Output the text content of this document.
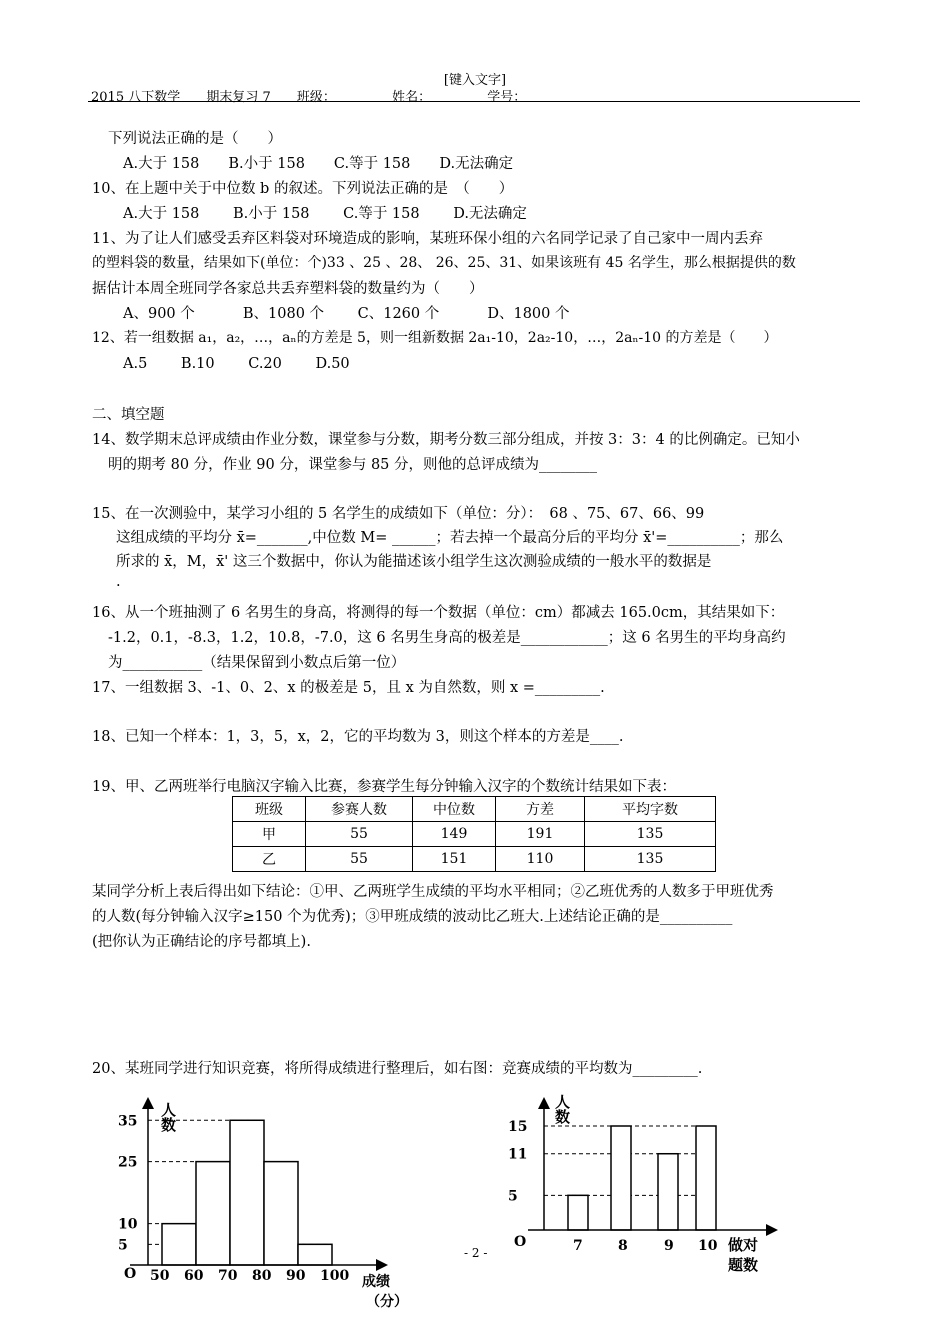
[键入文字]
2015 八下数学 期末复习 7 班级：	姓名：	学号：
下列说法正确的是（　　）
A.大于 158　　B.小于 158　　C.等于 158　　D.无法确定
10、在上题中关于中位数 b 的叙述。下列说法正确的是　（　　）
A.大于 158　　 B.小于 158　　 C.等于 158　　 D.无法确定
11、为了让人们感受丢弃区料袋对环境造成的影响，某班环保小组的六名同学记录了自己家中一周内丢弃
的塑料袋的数量，结果如下(单位：个)33 、25 、28、 26、25、31、如果该班有 45 名学生，那么根据提供的数
据估计本周全班同学各家总共丢弃塑料袋的数量约为（　　）
A、900 个　　　 B、1080 个　　 C、1260 个　　　 D、1800 个
12、若一组数据 a₁，a₂，…，aₙ的方差是 5，则一组新数据 2a₁-10，2a₂-10，…，2aₙ-10 的方差是（　　）
A.5　　 B.10　　 C.20　　 D.50
二、填空题
14、数学期末总评成绩由作业分数，课堂参与分数，期考分数三部分组成，并按 3：3：4 的比例确定。已知小
明的期考 80 分，作业 90 分，课堂参与 85 分，则他的总评成绩为________
15、在一次测验中，某学习小组的 5 名学生的成绩如下（单位：分）：　68 、75、67、66、99
这组成绩的平均分 x̄=_______,中位数 M= ______；若去掉一个最高分后的平均分 x̄'=__________；那么
所求的 x̄，M，x̄' 这三个数据中，你认为能描述该小组学生这次测验成绩的一般水平的数据是
.
16、从一个班抽测了 6 名男生的身高，将测得的每一个数据（单位：cm）都减去 165.0cm，其结果如下：
-1.2，0.1，-8.3，1.2，10.8，-7.0，这 6 名男生身高的极差是____________；这 6 名男生的平均身高约
为___________（结果保留到小数点后第一位）
17、一组数据 3、-1、0、2、x 的极差是 5，且 x 为自然数，则 x =_________.
18、已知一个样本：1，3，5，x，2，它的平均数为 3，则这个样本的方差是____.
19、甲、乙两班举行电脑汉字输入比赛，参赛学生每分钟输入汉字的个数统计结果如下表：
班级	参赛人数	中位数	方差	平均字数
甲	55	149	191	135
乙	55	151	110	135
某同学分析上表后得出如下结论：①甲、乙两班学生成绩的平均水平相同；②乙班优秀的人数多于甲班优秀
的人数(每分钟输入汉字≥150 个为优秀)；③甲班成绩的波动比乙班大.上述结论正确的是__________
(把你认为正确结论的序号都填上).
20、某班同学进行知识竞赛，将所得成绩进行整理后，如右图：竞赛成绩的平均数为_________.
人数
O	成绩（分）
5
10
25
35
50 60 70 80 90 100
人数
O
5
11
15
7	8	9 10 做对题数
- 2 -
